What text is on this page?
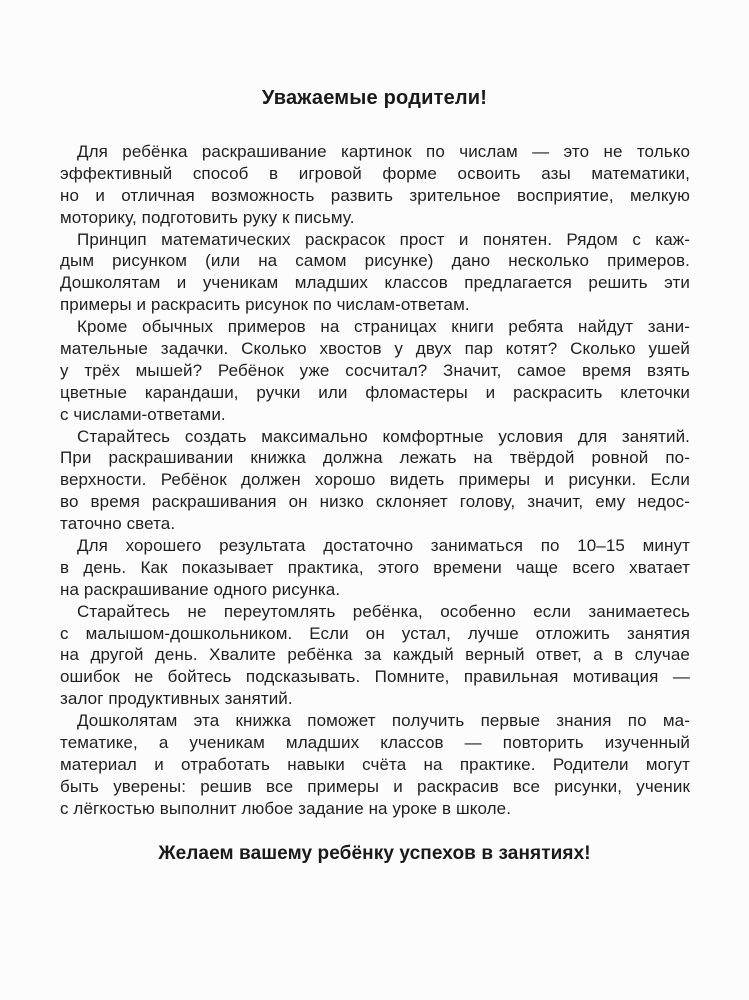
Уважаемые родители!

Для ребёнка раскрашивание картинок по числам — это не только
эффективный способ в игровой форме освоить азы математики,
но и отличная возможность развить зрительное восприятие, мелкую
моторику, подготовить руку к письму.

Принцип математических раскрасок прост и понятен. Рядом с каж-
дым рисунком (или на самом рисунке) дано несколько примеров.
Дошколятам и ученикам младших классов предлагается решить эти
примеры и раскрасить рисунок по числам-ответам.

Кроме обычных примеров на страницах книги ребята найдут зани-
мательные задачки. Сколько хвостов у двух пар котят? Сколько ушей
у трёх мышей? Ребёнок уже сосчитал? Значит, самое время взять
цветные карандаши, ручки или фломастеры и раскрасить клеточки
с числами-ответами.

Старайтесь создать максимально комфортные условия для занятий.
При раскрашивании книжка должна лежать на твёрдой ровной по-
верхности. Ребёнок должен хорошо видеть примеры и рисунки. Если
во время раскрашивания он низко склоняет голову, значит, ему недос-
таточно света.

Для хорошего результата достаточно заниматься по 10–15 минут
в день. Как показывает практика, этого времени чаще всего хватает
на раскрашивание одного рисунка.

Старайтесь не переутомлять ребёнка, особенно если занимаетесь
с малышом-дошкольником. Если он устал, лучше отложить занятия
на другой день. Хвалите ребёнка за каждый верный ответ, а в случае
ошибок не бойтесь подсказывать. Помните, правильная мотивация —
залог продуктивных занятий.

Дошколятам эта книжка поможет получить первые знания по ма-
тематике, а ученикам младших классов — повторить изученный
материал и отработать навыки счёта на практике. Родители могут
быть уверены: решив все примеры и раскрасив все рисунки, ученик
с лёгкостью выполнит любое задание на уроке в школе.

Желаем вашему ребёнку успехов в занятиях!
